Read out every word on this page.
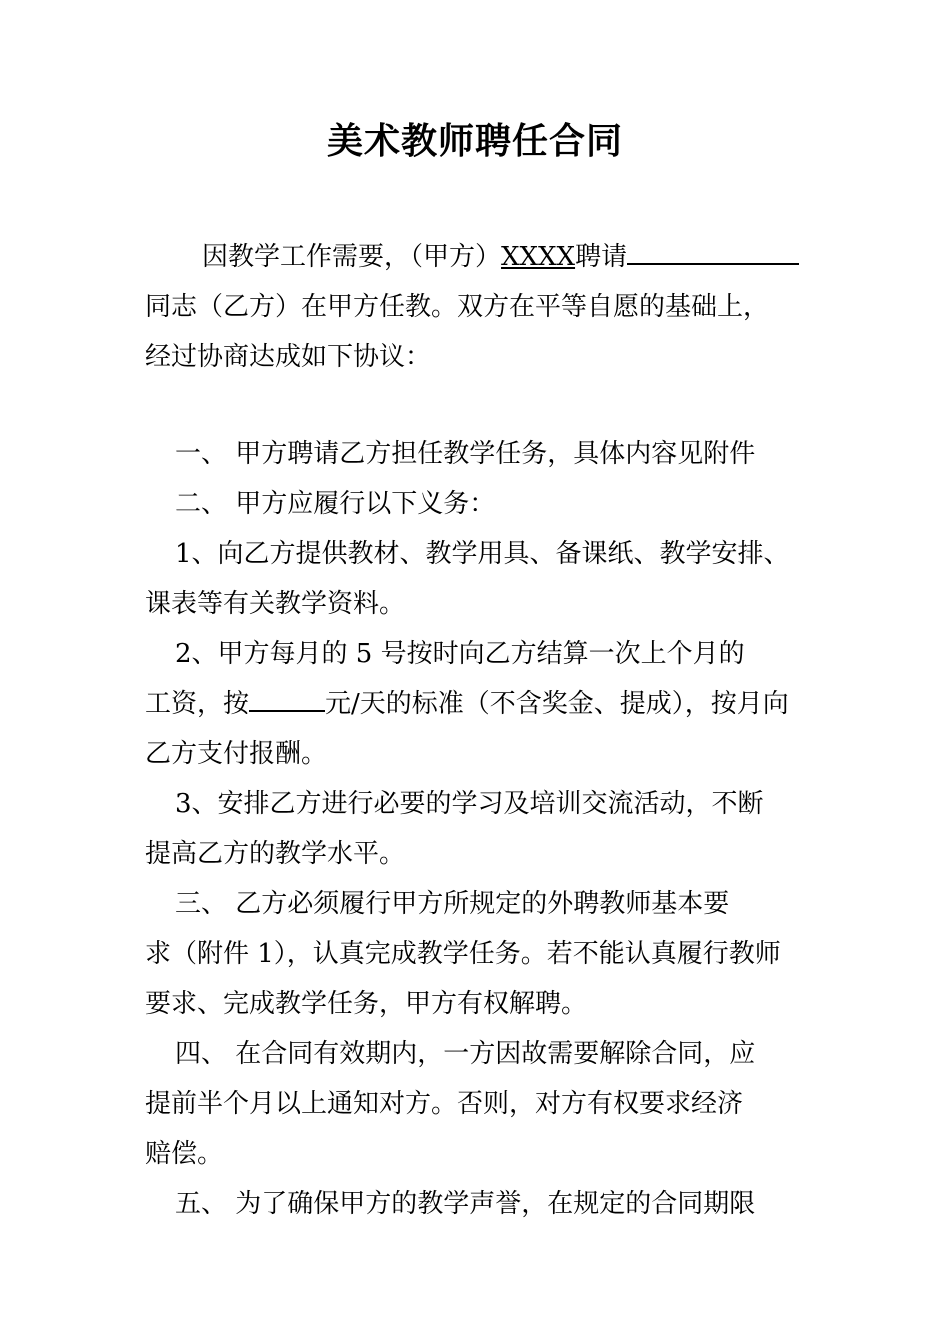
美术教师聘任合同
因教学工作需要，（甲方）XXXX聘请
同志（乙方）在甲方任教。双方在平等自愿的基础上，
经过协商达成如下协议：
一、 甲方聘请乙方担任教学任务，具体内容见附件
二、 甲方应履行以下义务：
1、向乙方提供教材、教学用具、备课纸、教学安排、
课表等有关教学资料。
2、甲方每月的 5 号按时向乙方结算一次上个月的
工资，按	元/天的标准（不含奖金、提成），按月向
乙方支付报酬。
3、安排乙方进行必要的学习及培训交流活动，不断
提高乙方的教学水平。
三、 乙方必须履行甲方所规定的外聘教师基本要
求（附件 1），认真完成教学任务。若不能认真履行教师
要求、完成教学任务，甲方有权解聘。
四、 在合同有效期内，一方因故需要解除合同，应
提前半个月以上通知对方。否则，对方有权要求经济
赔偿。
五、 为了确保甲方的教学声誉，在规定的合同期限
